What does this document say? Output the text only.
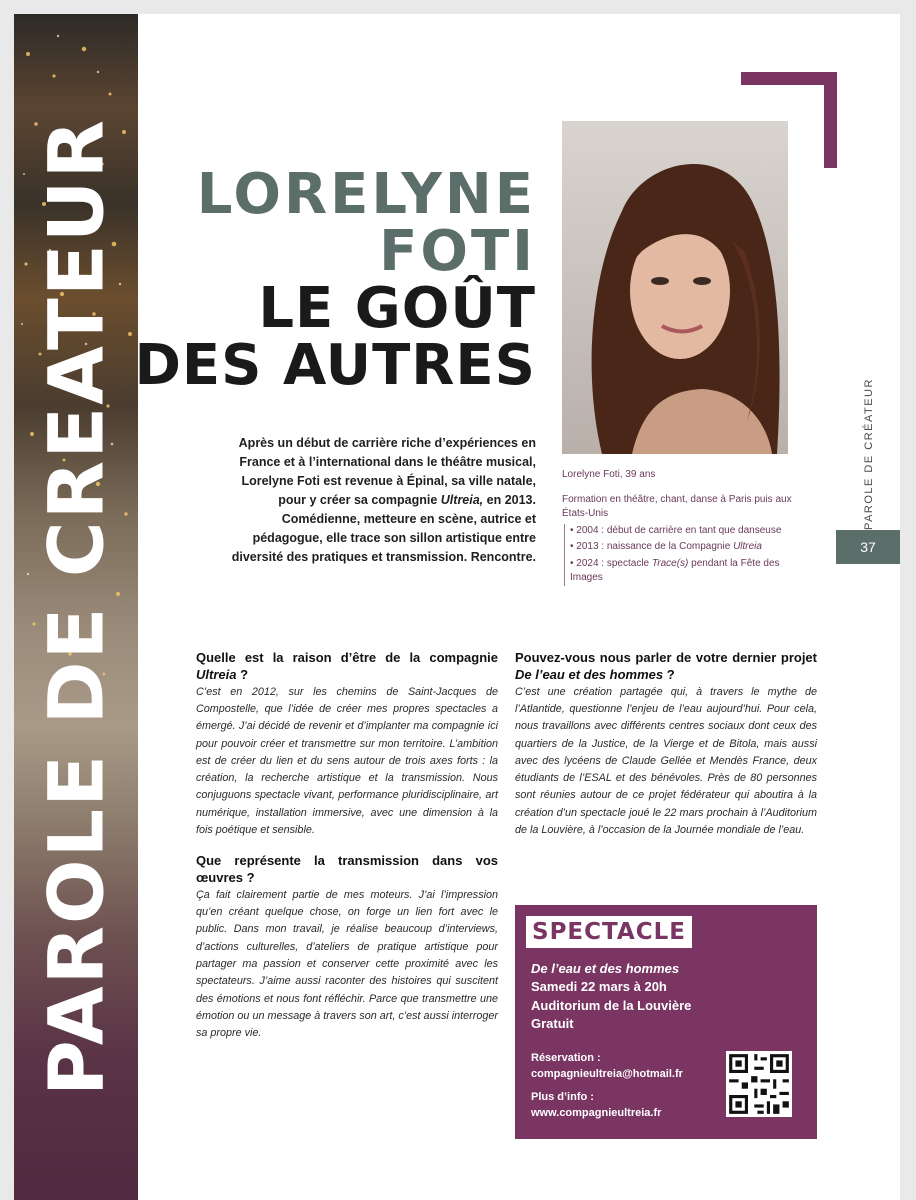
PAROLE DE CREATEUR	PAROLE DE CRÉATEUR
37
LORELYNE
FOTI
LE GOÛT
DES AUTRES

Après un début de carrière riche d’expériences en France et à l’international dans le théâtre musical, Lorelyne Foti est revenue à Épinal, sa ville natale, pour y créer sa compagnie Ultreia, en 2013. Comédienne, metteure en scène, autrice et pédagogue, elle trace son sillon artistique entre diversité des pratiques et transmission. Rencontre.

Lorelyne Foti, 39 ans

Formation en théâtre, chant, danse à Paris puis aux États-Unis

• 2004 : début de carrière en tant que danseuse
• 2013 : naissance de la Compagnie Ultreia
• 2024 : spectacle Trace(s) pendant la Fête des Images

Quelle est la raison d’être de la compagnie Ultreia ?

C’est en 2012, sur les chemins de Saint-Jacques de Compostelle, que l’idée de créer mes propres spectacles a émergé. J’ai décidé de revenir et d’implanter ma compagnie ici pour pouvoir créer et transmettre sur mon territoire. L’ambition est de créer du lien et du sens autour de trois axes forts : la création, la recherche artistique et la transmission. Nous conjuguons spectacle vivant, performance pluridisciplinaire, art numérique, installation immersive, avec une dimension à la fois poétique et sensible.

Que représente la transmission dans vos œuvres ?

Ça fait clairement partie de mes moteurs. J’ai l’impression qu’en créant quelque chose, on forge un lien fort avec le public. Dans mon travail, je réalise beaucoup d’interviews, d’actions culturelles, d’ateliers de pratique artistique pour partager ma passion et conserver cette proximité avec les spectateurs. J’aime aussi raconter des histoires qui suscitent des émotions et nous font réfléchir. Parce que transmettre une émotion ou un message à travers son art, c’est aussi interroger sa propre vie.

Pouvez-vous nous parler de votre dernier projet De l’eau et des hommes ?

C’est une création partagée qui, à travers le mythe de l’Atlantide, questionne l’enjeu de l’eau aujourd’hui. Pour cela, nous travaillons avec différents centres sociaux dont ceux des quartiers de la Justice, de la Vierge et de Bitola, mais aussi avec des lycéens de Claude Gellée et Mendès France, deux étudiants de l’ESAL et des bénévoles. Près de 80 personnes sont réunies autour de ce projet fédérateur qui aboutira à la création d’un spectacle joué le 22 mars prochain à l’Auditorium de la Louvière, à l’occasion de la Journée mondiale de l’eau.

SPECTACLE
De l’eau et des hommes
Samedi 22 mars à 20h
Auditorium de la Louvière
Gratuit
Réservation :
compagnieultreia@hotmail.fr
Plus d’info :
www.compagnieultreia.fr
